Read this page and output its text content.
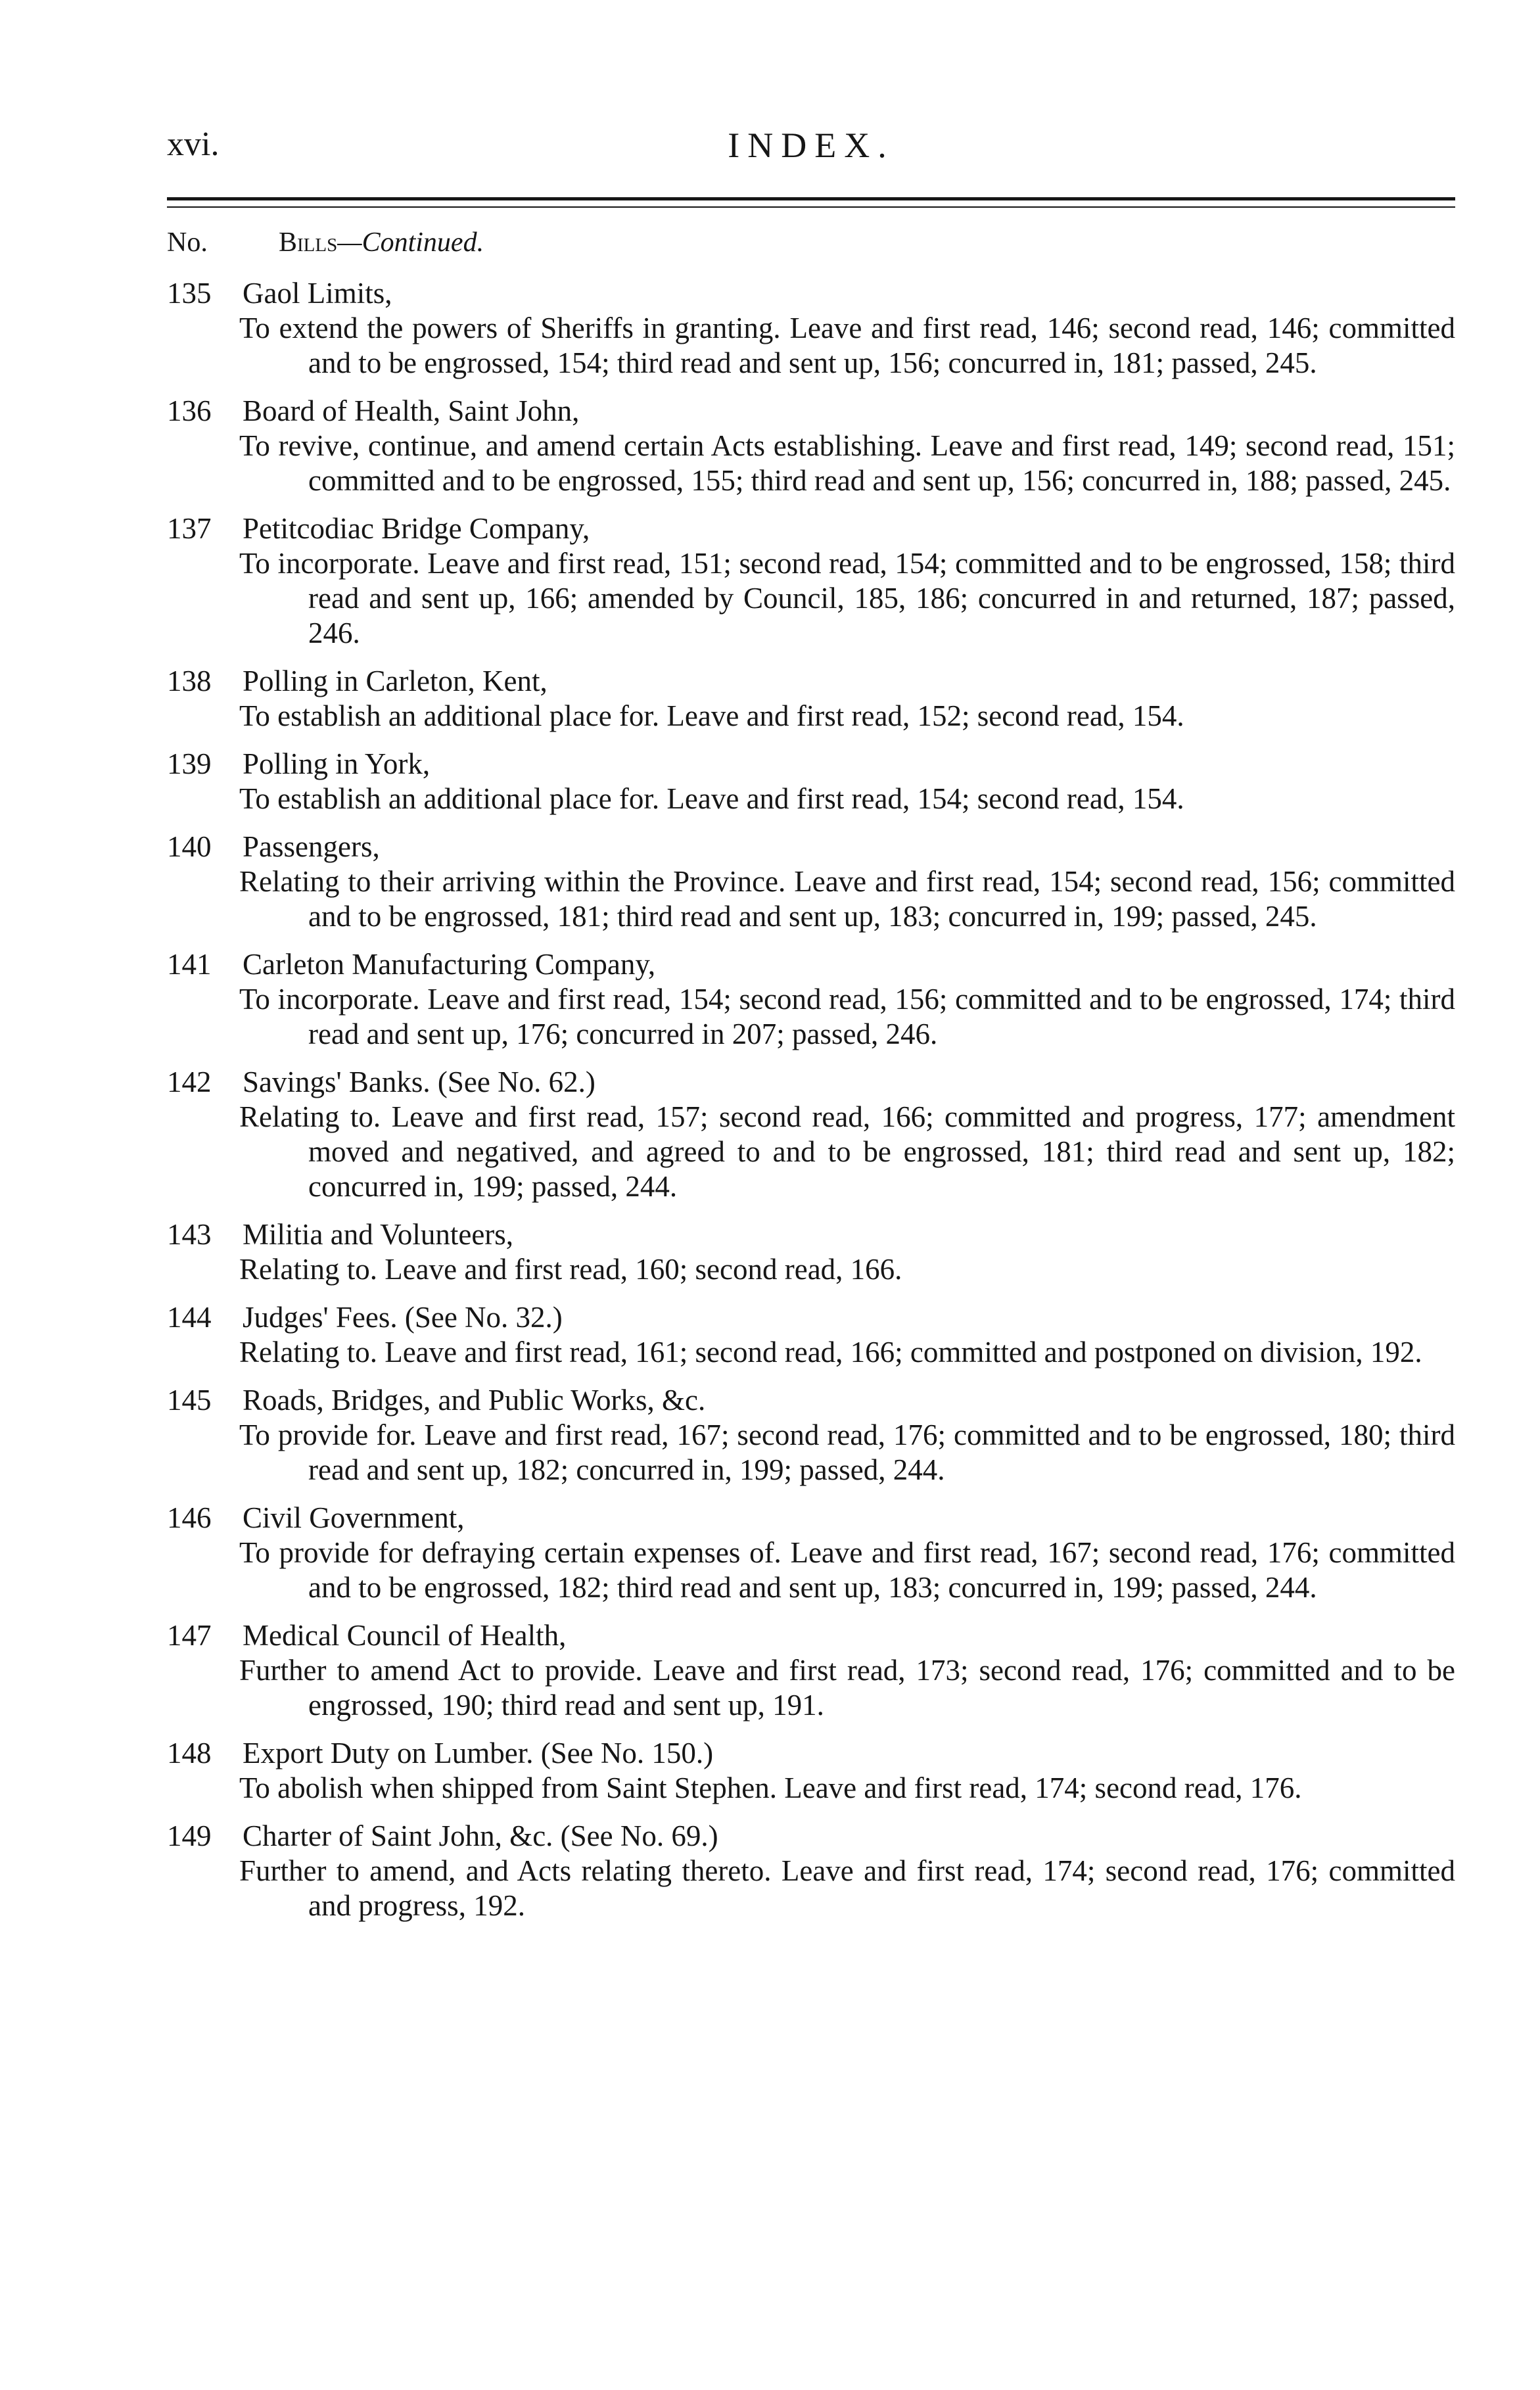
xvi.	INDEX.
No.	Bills—Continued.
135 Gaol Limits,
To extend the powers of Sheriffs in granting. Leave and first read, 146; second read, 146; committed and to be engrossed, 154; third read and sent up, 156; concurred in, 181; passed, 245.
136 Board of Health, Saint John,
To revive, continue, and amend certain Acts establishing. Leave and first read, 149; second read, 151; committed and to be engrossed, 155; third read and sent up, 156; concurred in, 188; passed, 245.
137 Petitcodiac Bridge Company,
To incorporate. Leave and first read, 151; second read, 154; committed and to be engrossed, 158; third read and sent up, 166; amended by Council, 185, 186; concurred in and returned, 187; passed, 246.
138 Polling in Carleton, Kent,
To establish an additional place for. Leave and first read, 152; second read, 154.
139 Polling in York,
To establish an additional place for. Leave and first read, 154; second read, 154.
140 Passengers,
Relating to their arriving within the Province. Leave and first read, 154; second read, 156; committed and to be engrossed, 181; third read and sent up, 183; concurred in, 199; passed, 245.
141 Carleton Manufacturing Company,
To incorporate. Leave and first read, 154; second read, 156; committed and to be engrossed, 174; third read and sent up, 176; concurred in 207; passed, 246.
142 Savings' Banks. (See No. 62.)
Relating to. Leave and first read, 157; second read, 166; committed and progress, 177; amendment moved and negatived, and agreed to and to be engrossed, 181; third read and sent up, 182; concurred in, 199; passed, 244.
143 Militia and Volunteers,
Relating to. Leave and first read, 160; second read, 166.
144 Judges' Fees. (See No. 32.)
Relating to. Leave and first read, 161; second read, 166; committed and postponed on division, 192.
145 Roads, Bridges, and Public Works, &c.
To provide for. Leave and first read, 167; second read, 176; committed and to be engrossed, 180; third read and sent up, 182; concurred in, 199; passed, 244.
146 Civil Government,
To provide for defraying certain expenses of. Leave and first read, 167; second read, 176; committed and to be engrossed, 182; third read and sent up, 183; concurred in, 199; passed, 244.
147 Medical Council of Health,
Further to amend Act to provide. Leave and first read, 173; second read, 176; committed and to be engrossed, 190; third read and sent up, 191.
148 Export Duty on Lumber. (See No. 150.)
To abolish when shipped from Saint Stephen. Leave and first read, 174; second read, 176.
149 Charter of Saint John, &c. (See No. 69.)
Further to amend, and Acts relating thereto. Leave and first read, 174; second read, 176; committed and progress, 192.
